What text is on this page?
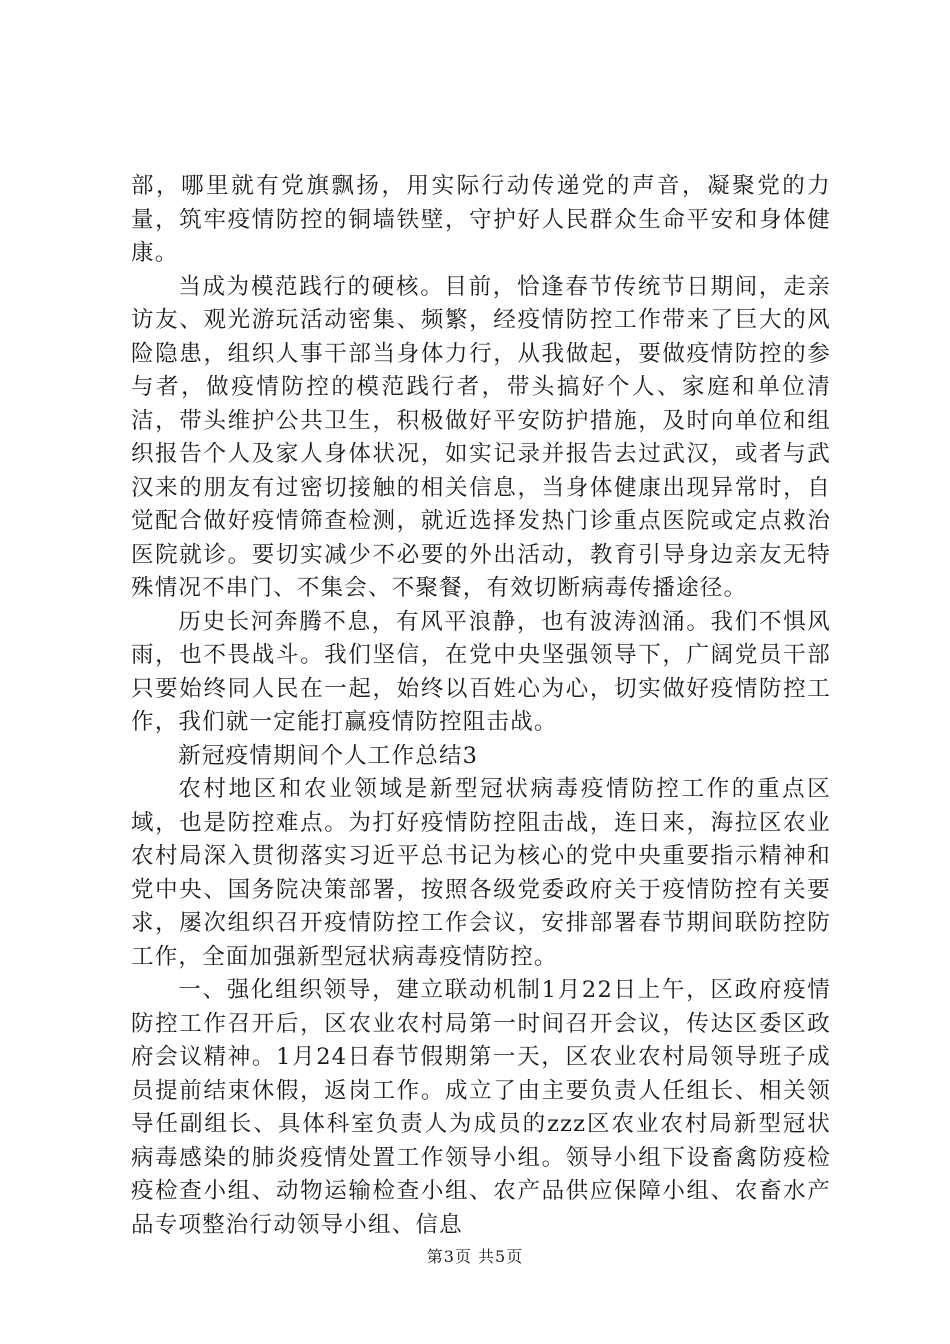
部，哪里就有党旗飘扬，用实际行动传递党的声音，凝聚党的力量，筑牢疫情防控的铜墙铁壁，守护好人民群众生命平安和身体健康。

当成为模范践行的硬核。目前，恰逢春节传统节日期间，走亲访友、观光游玩活动密集、频繁，经疫情防控工作带来了巨大的风险隐患，组织人事干部当身体力行，从我做起，要做疫情防控的参与者，做疫情防控的模范践行者，带头搞好个人、家庭和单位清洁，带头维护公共卫生，积极做好平安防护措施，及时向单位和组织报告个人及家人身体状况，如实记录并报告去过武汉，或者与武汉来的朋友有过密切接触的相关信息，当身体健康出现异常时，自觉配合做好疫情筛查检测，就近选择发热门诊重点医院或定点救治医院就诊。要切实减少不必要的外出活动，教育引导身边亲友无特殊情况不串门、不集会、不聚餐，有效切断病毒传播途径。

历史长河奔腾不息，有风平浪静，也有波涛汹涌。我们不惧风雨，也不畏战斗。我们坚信，在党中央坚强领导下，广阔党员干部只要始终同人民在一起，始终以百姓心为心，切实做好疫情防控工作，我们就一定能打赢疫情防控阻击战。

新冠疫情期间个人工作总结3

农村地区和农业领域是新型冠状病毒疫情防控工作的重点区域，也是防控难点。为打好疫情防控阻击战，连日来，海拉区农业农村局深入贯彻落实习近平总书记为核心的党中央重要指示精神和党中央、国务院决策部署，按照各级党委政府关于疫情防控有关要求，屡次组织召开疫情防控工作会议，安排部署春节期间联防控防工作，全面加强新型冠状病毒疫情防控。

一、强化组织领导，建立联动机制1月22日上午，区政府疫情防控工作召开后，区农业农村局第一时间召开会议，传达区委区政府会议精神。1月24日春节假期第一天，区农业农村局领导班子成员提前结束休假，返岗工作。成立了由主要负责人任组长、相关领导任副组长、具体科室负责人为成员的zzz区农业农村局新型冠状病毒感染的肺炎疫情处置工作领导小组。领导小组下设畜禽防疫检疫检查小组、动物运输检查小组、农产品供应保障小组、农畜水产品专项整治行动领导小组、信息

第3页 共5页
